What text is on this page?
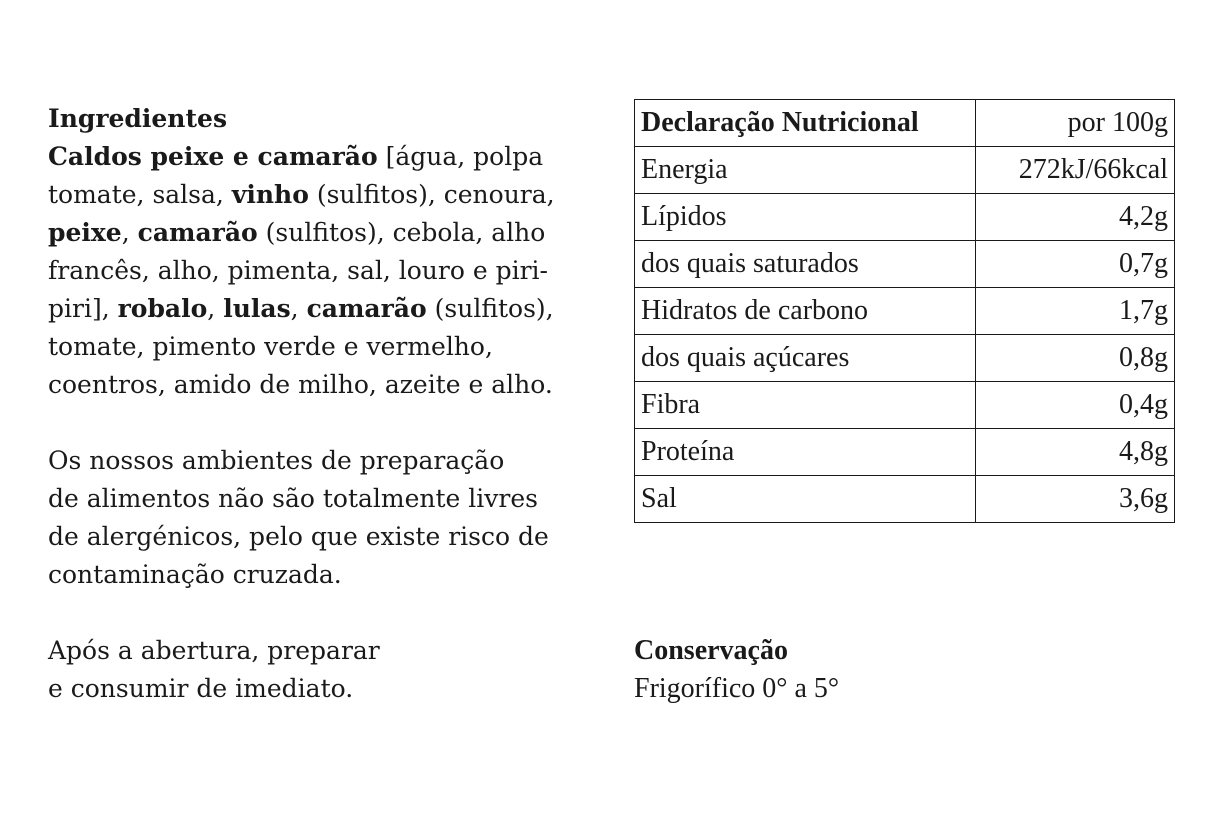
Ingredientes

Caldos peixe e camarão [água, polpa

tomate, salsa, vinho (sulfitos), cenoura,

peixe, camarão (sulfitos), cebola, alho

francês, alho, pimenta, sal, louro e piri-

piri], robalo, lulas, camarão (sulfitos),

tomate, pimento verde e vermelho,

coentros, amido de milho, azeite e alho.

Os nossos ambientes de preparação

de alimentos não são totalmente livres

de alergénicos, pelo que existe risco de

contaminação cruzada.

Após a abertura, preparar

e consumir de imediato.

Declaração Nutricional	por 100g
Energia	272kJ/66kcal
Lípidos	4,2g
dos quais saturados	0,7g
Hidratos de carbono	1,7g
dos quais açúcares	0,8g
Fibra	0,4g
Proteína	4,8g
Sal	3,6g
Conservação
Frigorífico 0° a 5°
